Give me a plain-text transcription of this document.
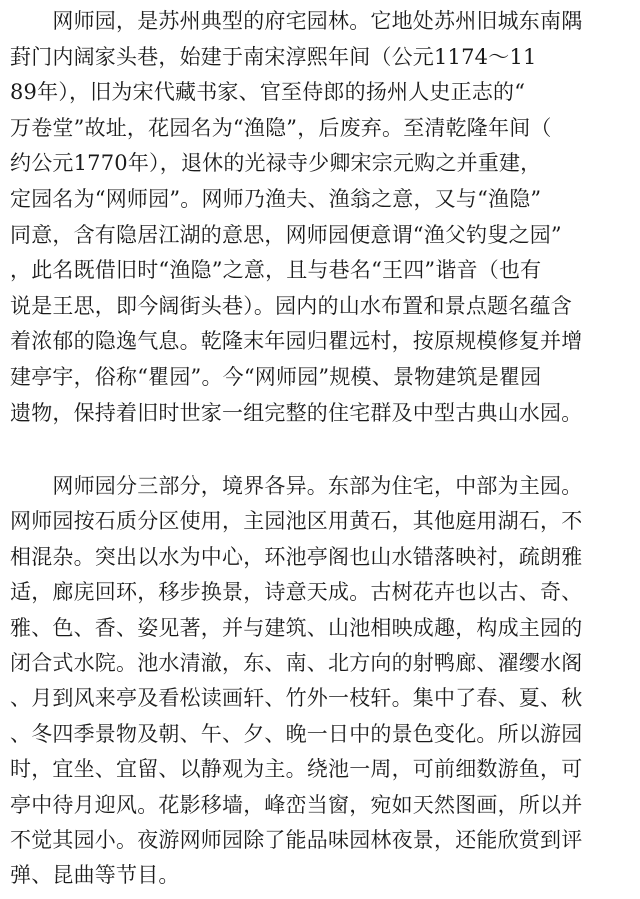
　　网师园，是苏州典型的府宅园林。它地处苏州旧城东南隅
葑门内阔家头巷，始建于南宋淳熙年间（公元1174～11
89年），旧为宋代藏书家、官至侍郎的扬州人史正志的“
万卷堂”故址，花园名为“渔隐”，后废弃。至清乾隆年间（
约公元1770年），退休的光禄寺少卿宋宗元购之并重建，
定园名为“网师园”。网师乃渔夫、渔翁之意，又与“渔隐”
同意，含有隐居江湖的意思，网师园便意谓“渔父钓叟之园”
，此名既借旧时“渔隐”之意，且与巷名“王四”谐音（也有
说是王思，即今阔街头巷）。园内的山水布置和景点题名蕴含
着浓郁的隐逸气息。乾隆末年园归瞿远村，按原规模修复并增
建亭宇，俗称“瞿园”。今“网师园”规模、景物建筑是瞿园
遗物，保持着旧时世家一组完整的住宅群及中型古典山水园。
　　网师园分三部分，境界各异。东部为住宅，中部为主园。
网师园按石质分区使用，主园池区用黄石，其他庭用湖石，不
相混杂。突出以水为中心，环池亭阁也山水错落映衬，疏朗雅
适，廊庑回环，移步换景，诗意天成。古树花卉也以古、奇、
雅、色、香、姿见著，并与建筑、山池相映成趣，构成主园的
闭合式水院。池水清澈，东、南、北方向的射鸭廊、濯缨水阁
、月到风来亭及看松读画轩、竹外一枝轩。集中了春、夏、秋
、冬四季景物及朝、午、夕、晚一日中的景色变化。所以游园
时，宜坐、宜留、以静观为主。绕池一周，可前细数游鱼，可
亭中待月迎风。花影移墙，峰峦当窗，宛如天然图画，所以并
不觉其园小。夜游网师园除了能品味园林夜景，还能欣赏到评
弹、昆曲等节目。
